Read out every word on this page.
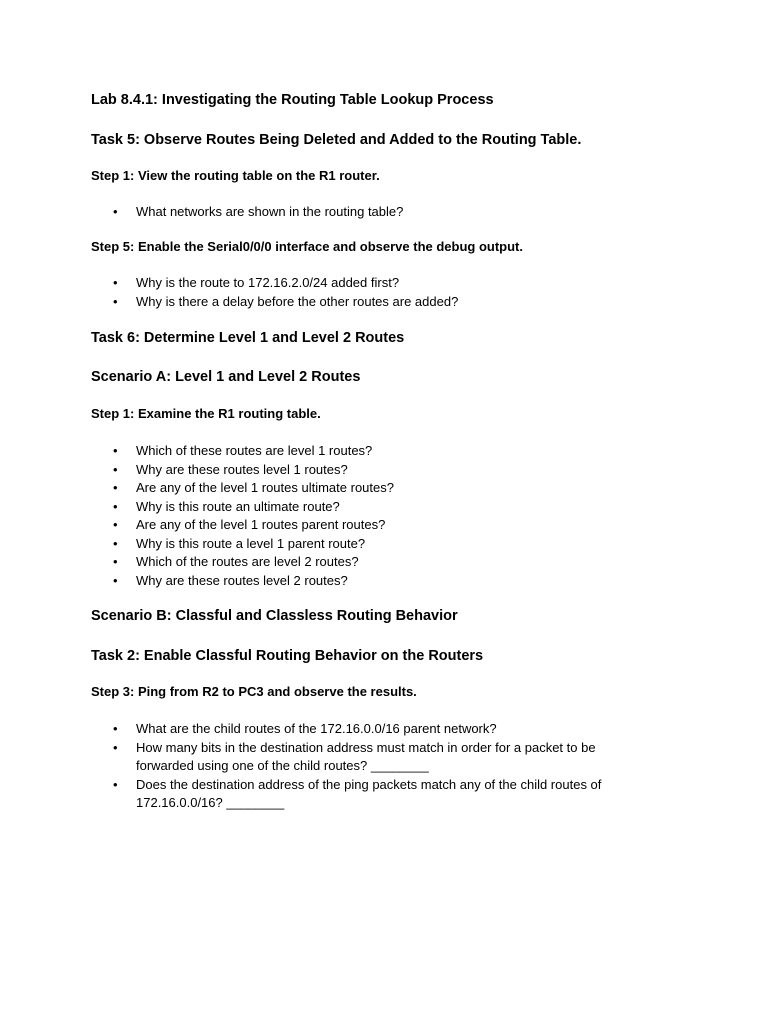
Lab 8.4.1: Investigating the Routing Table Lookup Process

Task 5: Observe Routes Being Deleted and Added to the Routing Table.

Step 1: View the routing table on the R1 router.

• What networks are shown in the routing table?

Step 5: Enable the Serial0/0/0 interface and observe the debug output.

• Why is the route to 172.16.2.0/24 added first?
• Why is there a delay before the other routes are added?

Task 6: Determine Level 1 and Level 2 Routes

Scenario A: Level 1 and Level 2 Routes

Step 1: Examine the R1 routing table.

• Which of these routes are level 1 routes?
• Why are these routes level 1 routes?
• Are any of the level 1 routes ultimate routes?
• Why is this route an ultimate route?
• Are any of the level 1 routes parent routes?
• Why is this route a level 1 parent route?
• Which of the routes are level 2 routes?
• Why are these routes level 2 routes?

Scenario B: Classful and Classless Routing Behavior

Task 2: Enable Classful Routing Behavior on the Routers

Step 3: Ping from R2 to PC3 and observe the results.

• What are the child routes of the 172.16.0.0/16 parent network?
• How many bits in the destination address must match in order for a packet to be forwarded using one of the child routes? ________
• Does the destination address of the ping packets match any of the child routes of 172.16.0.0/16? ________
